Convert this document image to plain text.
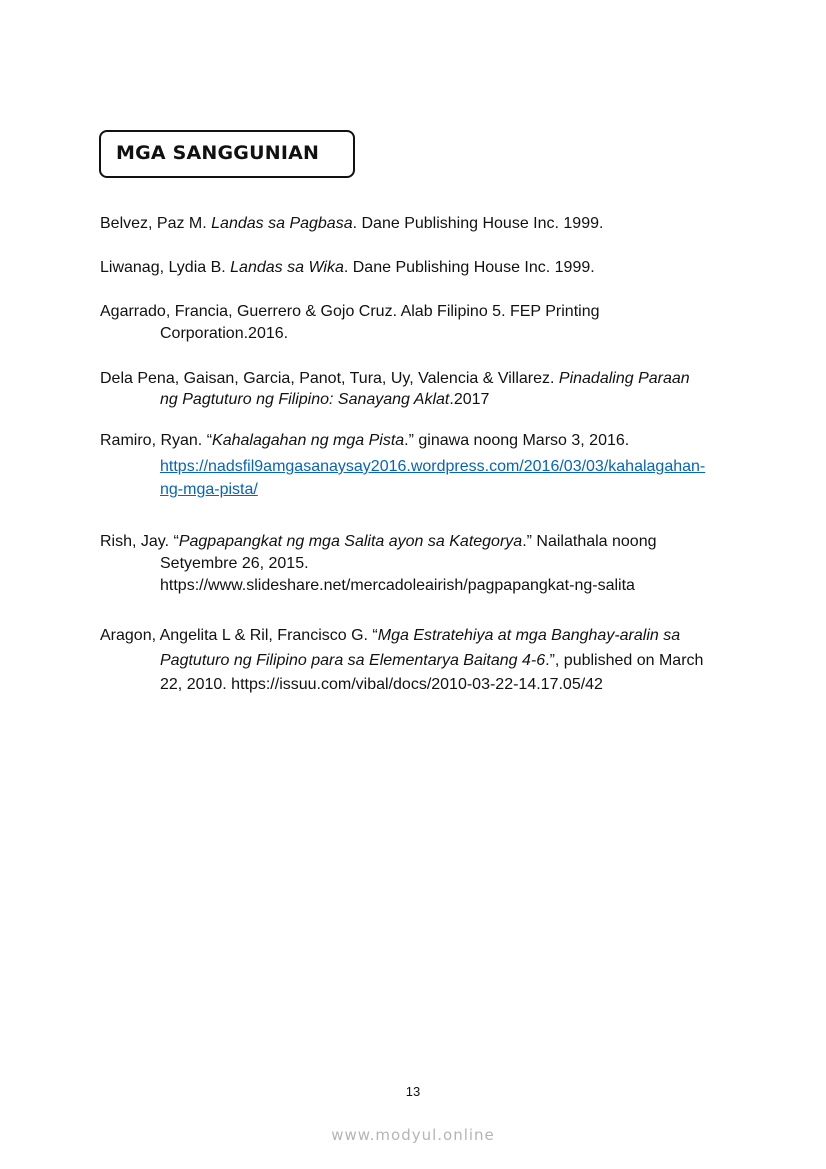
MGA SANGGUNIAN
Belvez, Paz M. Landas sa Pagbasa. Dane Publishing House Inc. 1999.
Liwanag, Lydia B. Landas sa Wika. Dane Publishing House Inc. 1999.
Agarrado, Francia, Guerrero & Gojo Cruz. Alab Filipino 5. FEP Printing
Corporation.2016.
Dela Pena, Gaisan, Garcia, Panot, Tura, Uy, Valencia & Villarez. Pinadaling Paraan
ng Pagtuturo ng Filipino: Sanayang Aklat.2017
Ramiro, Ryan. “Kahalagahan ng mga Pista.” ginawa noong Marso 3, 2016.
https://nadsfil9amgasanaysay2016.wordpress.com/2016/03/03/kahalagahan-
ng-mga-pista/
Rish, Jay. “Pagpapangkat ng mga Salita ayon sa Kategorya.” Nailathala noong
Setyembre 26, 2015.
https://www.slideshare.net/mercadoleairish/pagpapangkat-ng-salita
Aragon, Angelita L & Ril, Francisco G. “Mga Estratehiya at mga Banghay-aralin sa
Pagtuturo ng Filipino para sa Elementarya Baitang 4-6.”, published on March
22, 2010. https://issuu.com/vibal/docs/2010-03-22-14.17.05/42
13
www.modyul.online
